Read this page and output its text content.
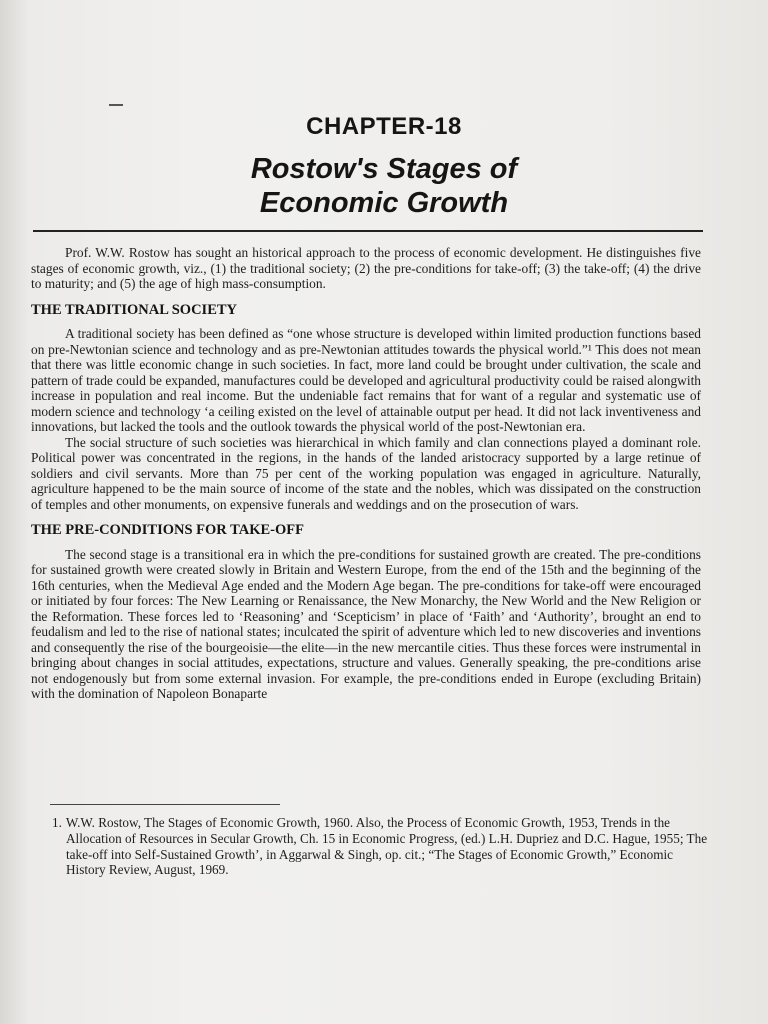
CHAPTER-18
Rostow's Stages of
Economic Growth

Prof. W.W. Rostow has sought an historical approach to the process of economic development. He distinguishes five stages of economic growth, viz., (1) the traditional society; (2) the pre-conditions for take-off; (3) the take-off; (4) the drive to maturity; and (5) the age of high mass-consumption.

THE TRADITIONAL SOCIETY

A traditional society has been defined as “one whose structure is developed within limited production functions based on pre-Newtonian science and technology and as pre-Newtonian attitudes towards the physical world.”¹ This does not mean that there was little economic change in such societies. In fact, more land could be brought under cultivation, the scale and pattern of trade could be expanded, manufactures could be developed and agricultural productivity could be raised alongwith increase in population and real income. But the undeniable fact remains that for want of a regular and systematic use of modern science and technology ‘a ceiling existed on the level of attainable output per head. It did not lack inventiveness and innovations, but lacked the tools and the outlook towards the physical world of the post-Newtonian era.

The social structure of such societies was hierarchical in which family and clan connections played a dominant role. Political power was concentrated in the regions, in the hands of the landed aristocracy supported by a large retinue of soldiers and civil servants. More than 75 per cent of the working population was engaged in agriculture. Naturally, agriculture happened to be the main source of income of the state and the nobles, which was dissipated on the construction of temples and other monuments, on expensive funerals and weddings and on the prosecution of wars.

THE PRE-CONDITIONS FOR TAKE-OFF

The second stage is a transitional era in which the pre-conditions for sustained growth are created. The pre-conditions for sustained growth were created slowly in Britain and Western Europe, from the end of the 15th and the beginning of the 16th centuries, when the Medieval Age ended and the Modern Age began. The pre-conditions for take-off were encouraged or initiated by four forces: The New Learning or Renaissance, the New Monarchy, the New World and the New Religion or the Reformation. These forces led to ‘Reasoning’ and ‘Scepticism’ in place of ‘Faith’ and ‘Authority’, brought an end to feudalism and led to the rise of national states; inculcated the spirit of adventure which led to new discoveries and inventions and consequently the rise of the bourgeoisie—the elite—in the new mercantile cities. Thus these forces were instrumental in bringing about changes in social attitudes, expectations, structure and values. Generally speaking, the pre-conditions arise not endogenously but from some external invasion. For example, the pre-conditions ended in Europe (excluding Britain) with the domination of Napoleon Bonaparte

1. W.W. Rostow, The Stages of Economic Growth, 1960. Also, the Process of Economic Growth, 1953, Trends in the Allocation of Resources in Secular Growth, Ch. 15 in Economic Progress, (ed.) L.H. Dupriez and D.C. Hague, 1955; The take-off into Self-Sustained Growth’, in Aggarwal & Singh, op. cit.; “The Stages of Economic Growth,” Economic History Review, August, 1969.
